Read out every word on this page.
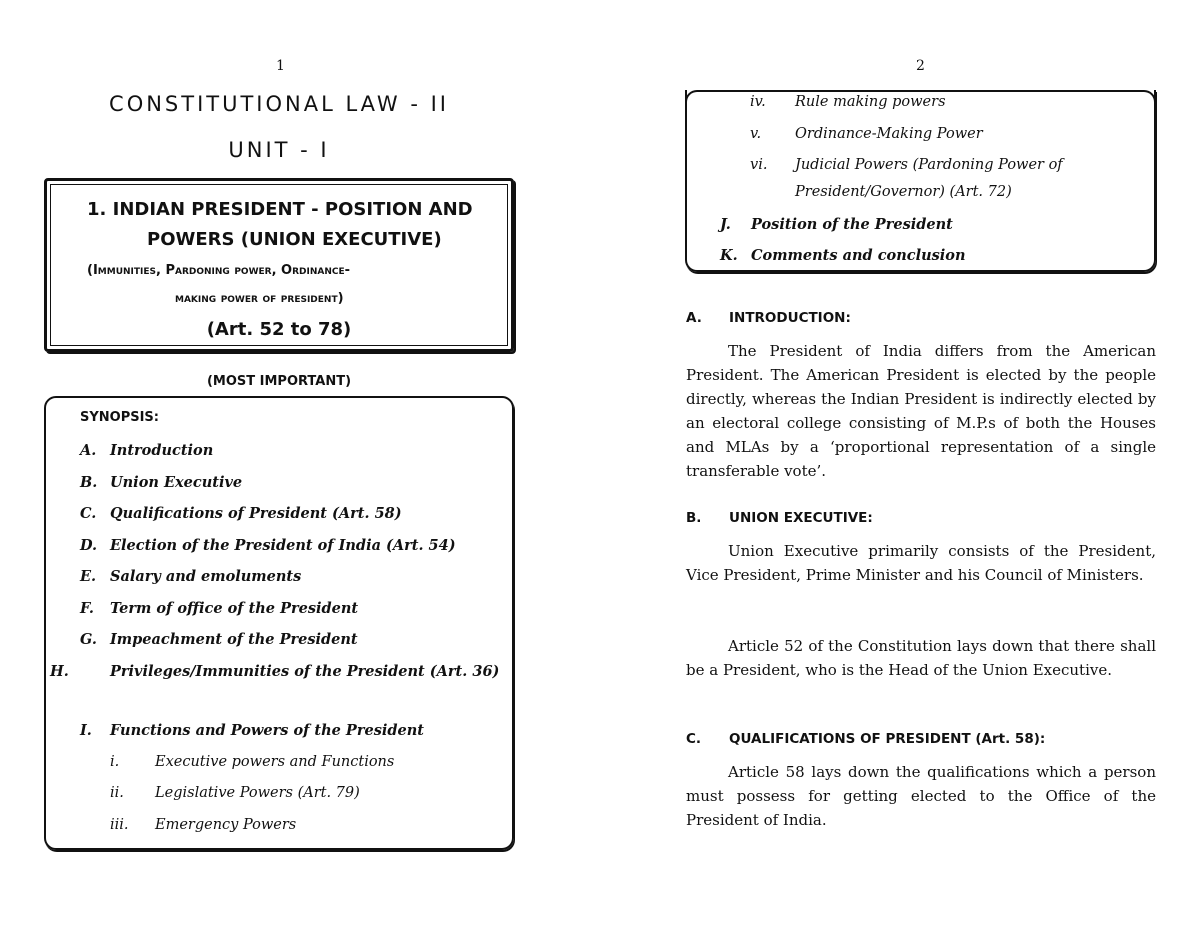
1
CONSTITUTIONAL LAW - II
UNIT - I
1. INDIAN PRESIDENT - POSITION AND
POWERS (UNION EXECUTIVE)
(Immunities, Pardoning power, Ordinance-
making power of president)
(Art. 52 to 78)
(MOST IMPORTANT)
SYNOPSIS:
A. Introduction
B. Union Executive
C. Qualifications of President (Art. 58)
D. Election of the President of India (Art. 54)
E. Salary and emoluments
F. Term of office of the President
G. Impeachment of the President
H.	Privileges/Immunities of the President (Art. 36)
I. Functions and Powers of the President
i. Executive powers and Functions
ii. Legislative Powers (Art. 79)
iii. Emergency Powers
2
iv. Rule making powers
v. Ordinance-Making Power
vi. Judicial Powers (Pardoning Power of
President/Governor) (Art. 72)
J. Position of the President
K. Comments and conclusion
A. INTRODUCTION:
The President of India differs from the American President. The American President is elected by the people directly, whereas the Indian President is indirectly elected by an electoral college consisting of M.P.s of both the Houses and MLAs by a ‘proportional representation of a single transferable vote’.
B. UNION EXECUTIVE:
Union Executive primarily consists of the President, Vice President, Prime Minister and his Council of Ministers.
Article 52 of the Constitution lays down that there shall be a President, who is the Head of the Union Executive.
C. QUALIFICATIONS OF PRESIDENT (Art. 58):
Article 58 lays down the qualifications which a person must possess for getting elected to the Office of the President of India.
